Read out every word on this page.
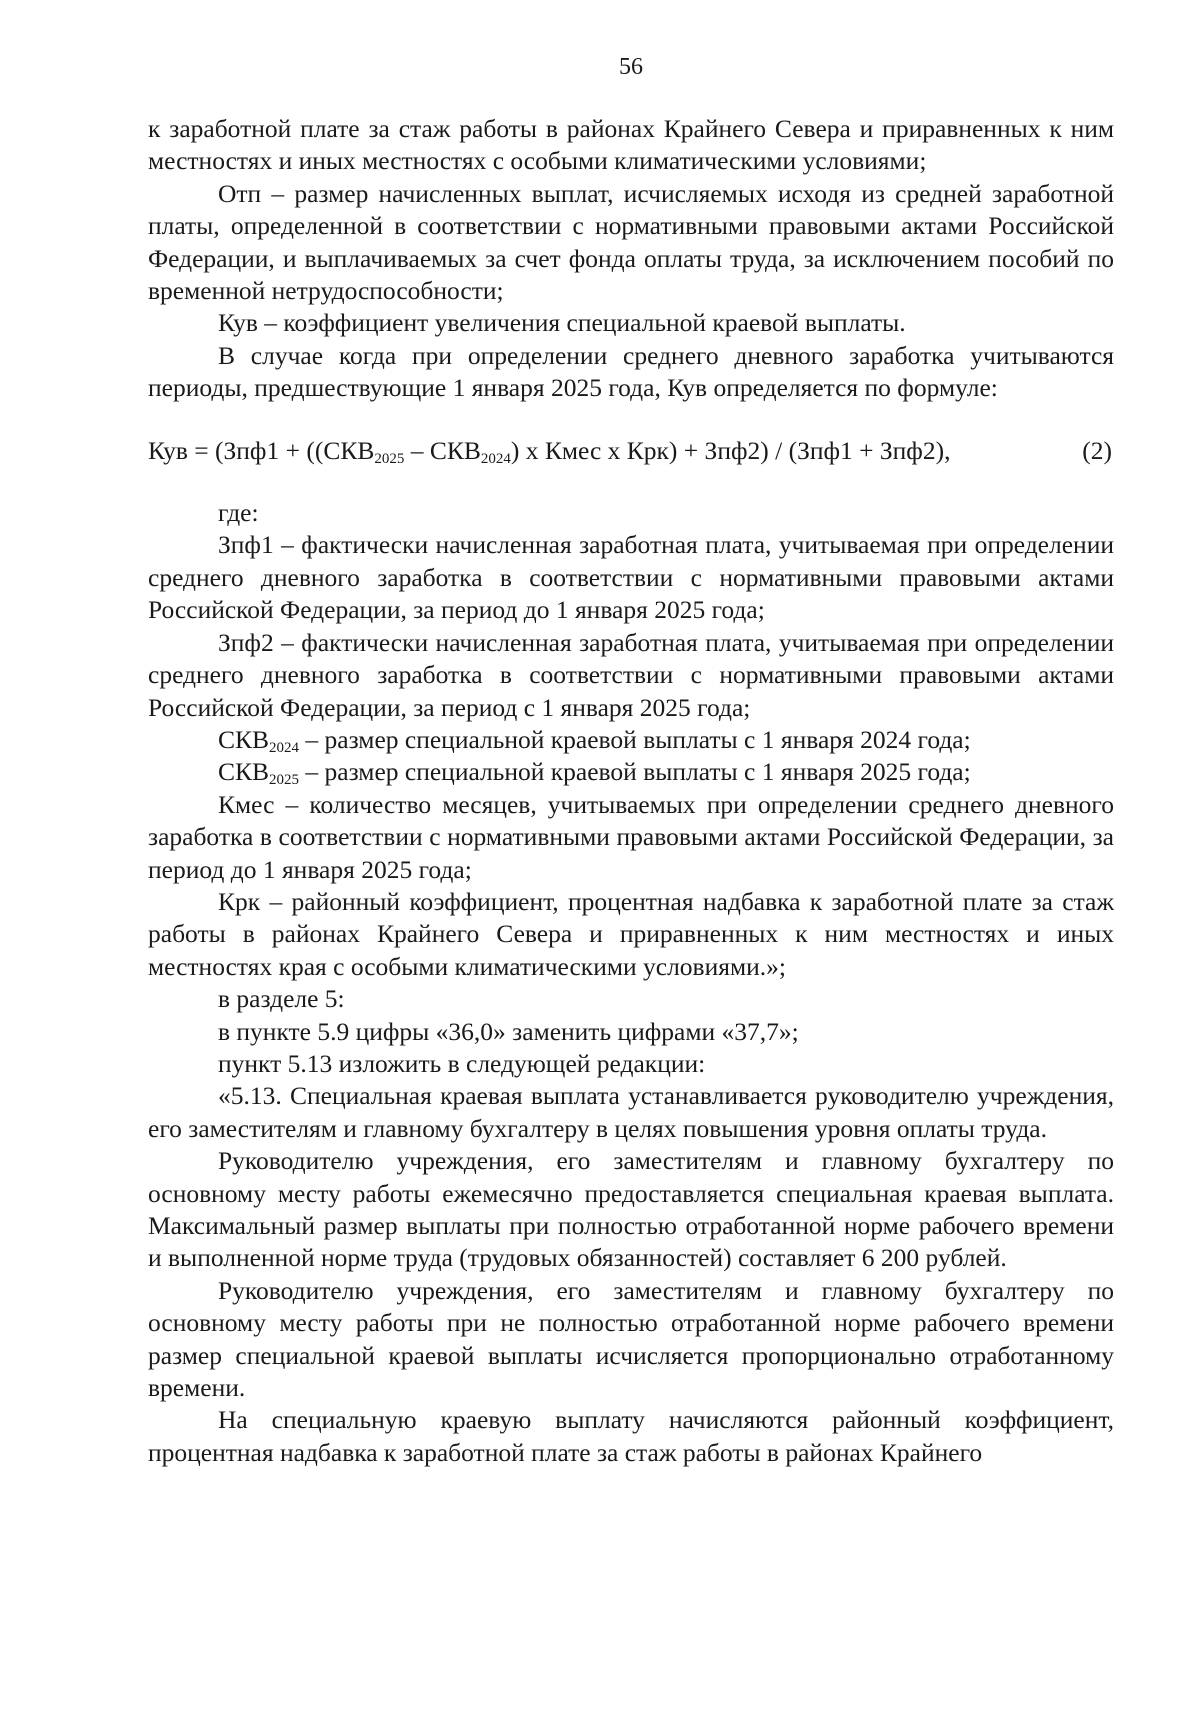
56

к заработной плате за стаж работы в районах Крайнего Севера и приравненных к ним местностях и иных местностях с особыми климатическими условиями;

Отп – размер начисленных выплат, исчисляемых исходя из средней заработной платы, определенной в соответствии с нормативными правовыми актами Российской Федерации, и выплачиваемых за счет фонда оплаты труда, за исключением пособий по временной нетрудоспособности;

Кув – коэффициент увеличения специальной краевой выплаты.

В случае когда при определении среднего дневного заработка учитываются периоды, предшествующие 1 января 2025 года, Кув определяется по формуле:

Кув = ($Зпф1 + ((СКВ_{2025} - СКВ_{2024})$ х Кмес х Крк) + Зпф2) / (Зпф1 + Зпф2),	(2)

где:

Зпф1 – фактически начисленная заработная плата, учитываемая при определении среднего дневного заработка в соответствии с нормативными правовыми актами Российской Федерации, за период до 1 января 2025 года;

Зпф2 – фактически начисленная заработная плата, учитываемая при определении среднего дневного заработка в соответствии с нормативными правовыми актами Российской Федерации, за период с 1 января 2025 года;

$СКВ_{2024}$ – размер специальной краевой выплаты с 1 января 2024 года;

$СКВ_{2025}$ – размер специальной краевой выплаты с 1 января 2025 года;

Кмес – количество месяцев, учитываемых при определении среднего дневного заработка в соответствии с нормативными правовыми актами Российской Федерации, за период до 1 января 2025 года;

Крк – районный коэффициент, процентная надбавка к заработной плате за стаж работы в районах Крайнего Севера и приравненных к ним местностях и иных местностях края с особыми климатическими условиями.»;

в разделе 5:

в пункте 5.9 цифры «36,0» заменить цифрами «37,7»;

пункт 5.13 изложить в следующей редакции:

«5.13. Специальная краевая выплата устанавливается руководителю учреждения, его заместителям и главному бухгалтеру в целях повышения уровня оплаты труда.

Руководителю учреждения, его заместителям и главному бухгалтеру по основному месту работы ежемесячно предоставляется специальная краевая выплата. Максимальный размер выплаты при полностью отработанной норме рабочего времени и выполненной норме труда (трудовых обязанностей) составляет 6 200 рублей.

Руководителю учреждения, его заместителям и главному бухгалтеру по основному месту работы при не полностью отработанной норме рабочего времени размер специальной краевой выплаты исчисляется пропорционально отработанному времени.

На специальную краевую выплату начисляются районный коэффициент, процентная надбавка к заработной плате за стаж работы в районах Крайнего
